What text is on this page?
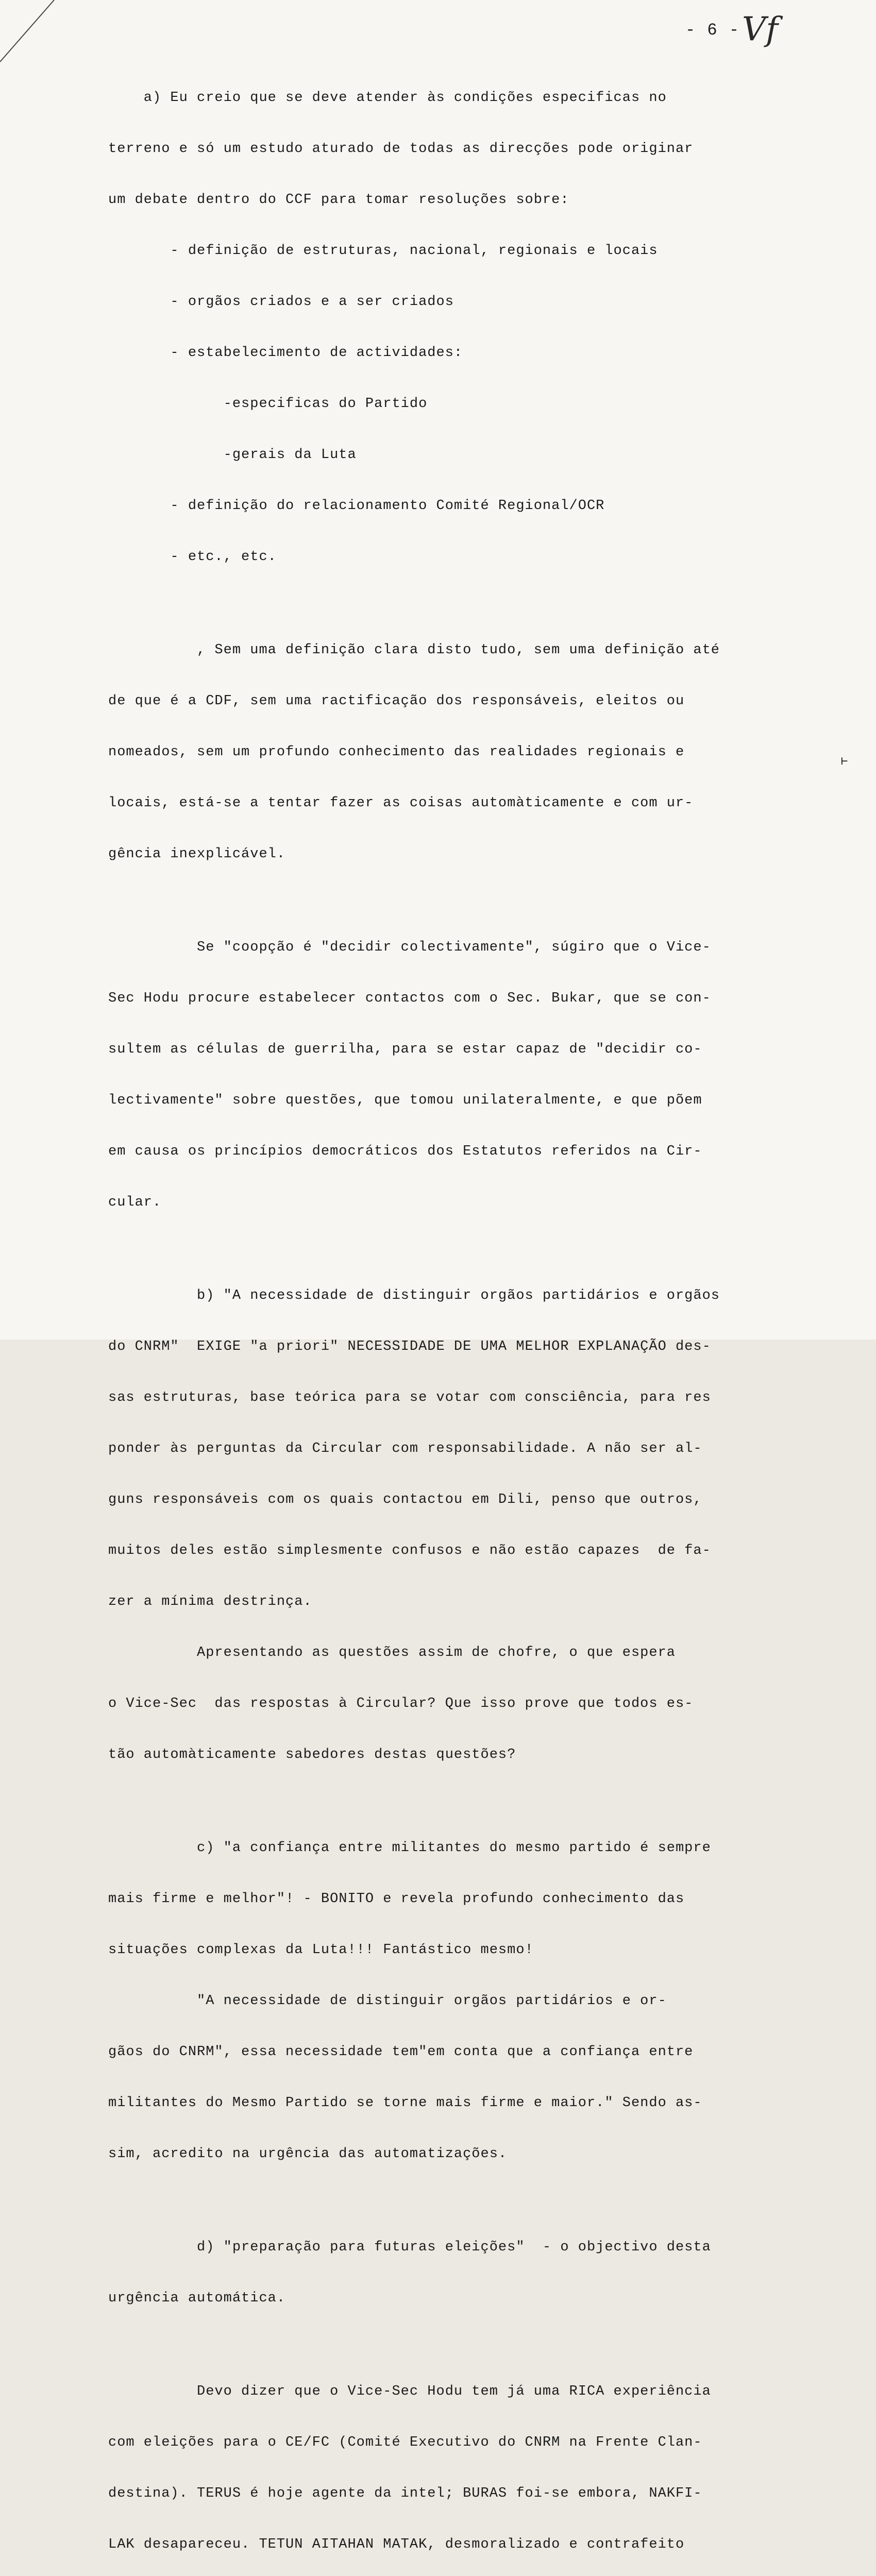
- 6 - Vf

a) Eu creio que se deve atender às condições especificas no

terreno e só um estudo aturado de todas as direcções pode originar

um debate dentro do CCF para tomar resoluções sobre:

- definição de estruturas, nacional, regionais e locais

- orgãos criados e a ser criados

- estabelecimento de actividades:

-especificas do Partido

-gerais da Luta

- definição do relacionamento Comité Regional/OCR

- etc., etc.

, Sem uma definição clara disto tudo, sem uma definição até

de que é a CDF, sem uma ractificação dos responsáveis, eleitos ou

nomeados, sem um profundo conhecimento das realidades regionais e

locais, está-se a tentar fazer as coisas automàticamente e com ur-

gência inexplicável.

Se "coopção é "decidir colectivamente", súgiro que o Vice-

Sec Hodu procure estabelecer contactos com o Sec. Bukar, que se con-

sultem as células de guerrilha, para se estar capaz de "decidir co-

lectivamente" sobre questões, que tomou unilateralmente, e que põem

em causa os princípios democráticos dos Estatutos referidos na Cir-

cular.

b) "A necessidade de distinguir orgãos partidários e orgãos

do CNRM"  EXIGE "a priori" NECESSIDADE DE UMA MELHOR EXPLANAÇÃO des-

sas estruturas, base teórica para se votar com consciência, para res

ponder às perguntas da Circular com responsabilidade. A não ser al-

guns responsáveis com os quais contactou em Dili, penso que outros,

muitos deles estão simplesmente confusos e não estão capazes  de fa-

zer a mínima destrinça.

Apresentando as questões assim de chofre, o que espera

o Vice-Sec  das respostas à Circular? Que isso prove que todos es-

tão automàticamente sabedores destas questões?

c) "a confiança entre militantes do mesmo partido é sempre

mais firme e melhor"! - BONITO e revela profundo conhecimento das

situações complexas da Luta!!! Fantástico mesmo!

"A necessidade de distinguir orgãos partidários e or-

gãos do CNRM", essa necessidade tem"em conta que a confiança entre

militantes do Mesmo Partido se torne mais firme e maior." Sendo as-

sim, acredito na urgência das automatizações.

d) "preparação para futuras eleições"  - o objectivo desta

urgência automática.

Devo dizer que o Vice-Sec Hodu tem já uma RICA experiência

com eleições para o CE/FC (Comité Executivo do CNRM na Frente Clan-

destina). TERUS é hoje agente da intel; BURAS foi-se embora, NAKFI-

LAK desapareceu. TETUN AITAHAN MATAK, desmoralizado e contrafeito

⊢
